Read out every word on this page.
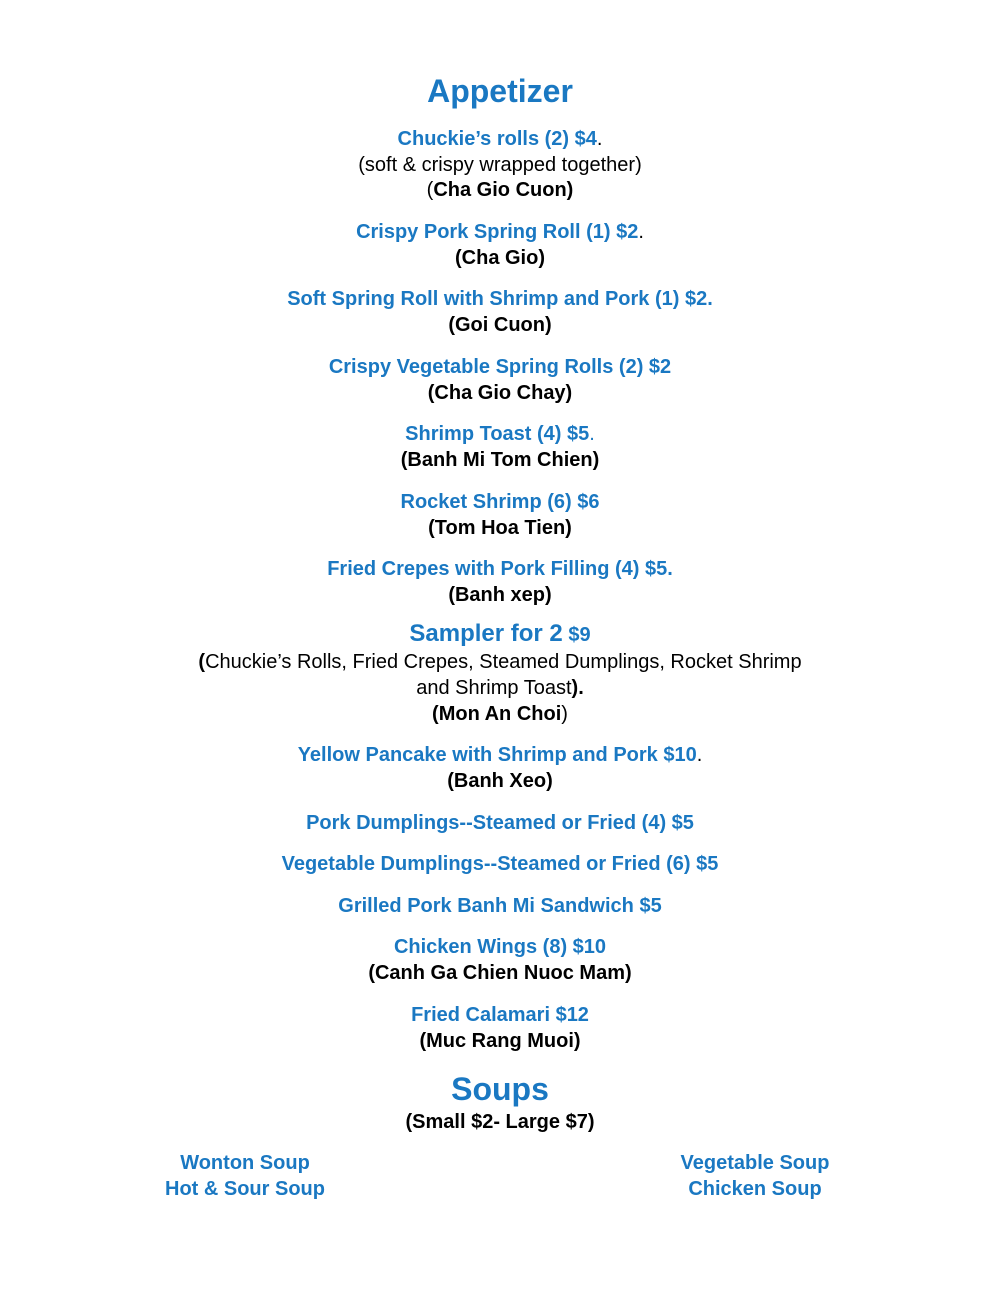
Appetizer
Chuckie’s rolls (2) $4.
(soft & crispy wrapped together)
(Cha Gio Cuon)
Crispy Pork Spring Roll (1) $2.
(Cha Gio)
Soft Spring Roll with Shrimp and Pork (1) $2.
(Goi Cuon)
Crispy Vegetable Spring Rolls (2) $2
(Cha Gio Chay)
Shrimp Toast (4) $5.
(Banh Mi Tom Chien)
Rocket Shrimp (6) $6
(Tom Hoa Tien)
Fried Crepes with Pork Filling (4) $5.
(Banh xep)
Sampler for 2 $9
(Chuckie’s Rolls, Fried Crepes, Steamed Dumplings, Rocket Shrimp
and Shrimp Toast).
(Mon An Choi)
Yellow Pancake with Shrimp and Pork $10.
(Banh Xeo)
Pork Dumplings--Steamed or Fried (4) $5
Vegetable Dumplings--Steamed or Fried (6) $5
Grilled Pork Banh Mi Sandwich $5
Chicken Wings (8) $10
(Canh Ga Chien Nuoc Mam)
Fried Calamari $12
(Muc Rang Muoi)
Soups
(Small $2- Large $7)
Wonton Soup
Hot & Sour Soup
Vegetable Soup
Chicken Soup
